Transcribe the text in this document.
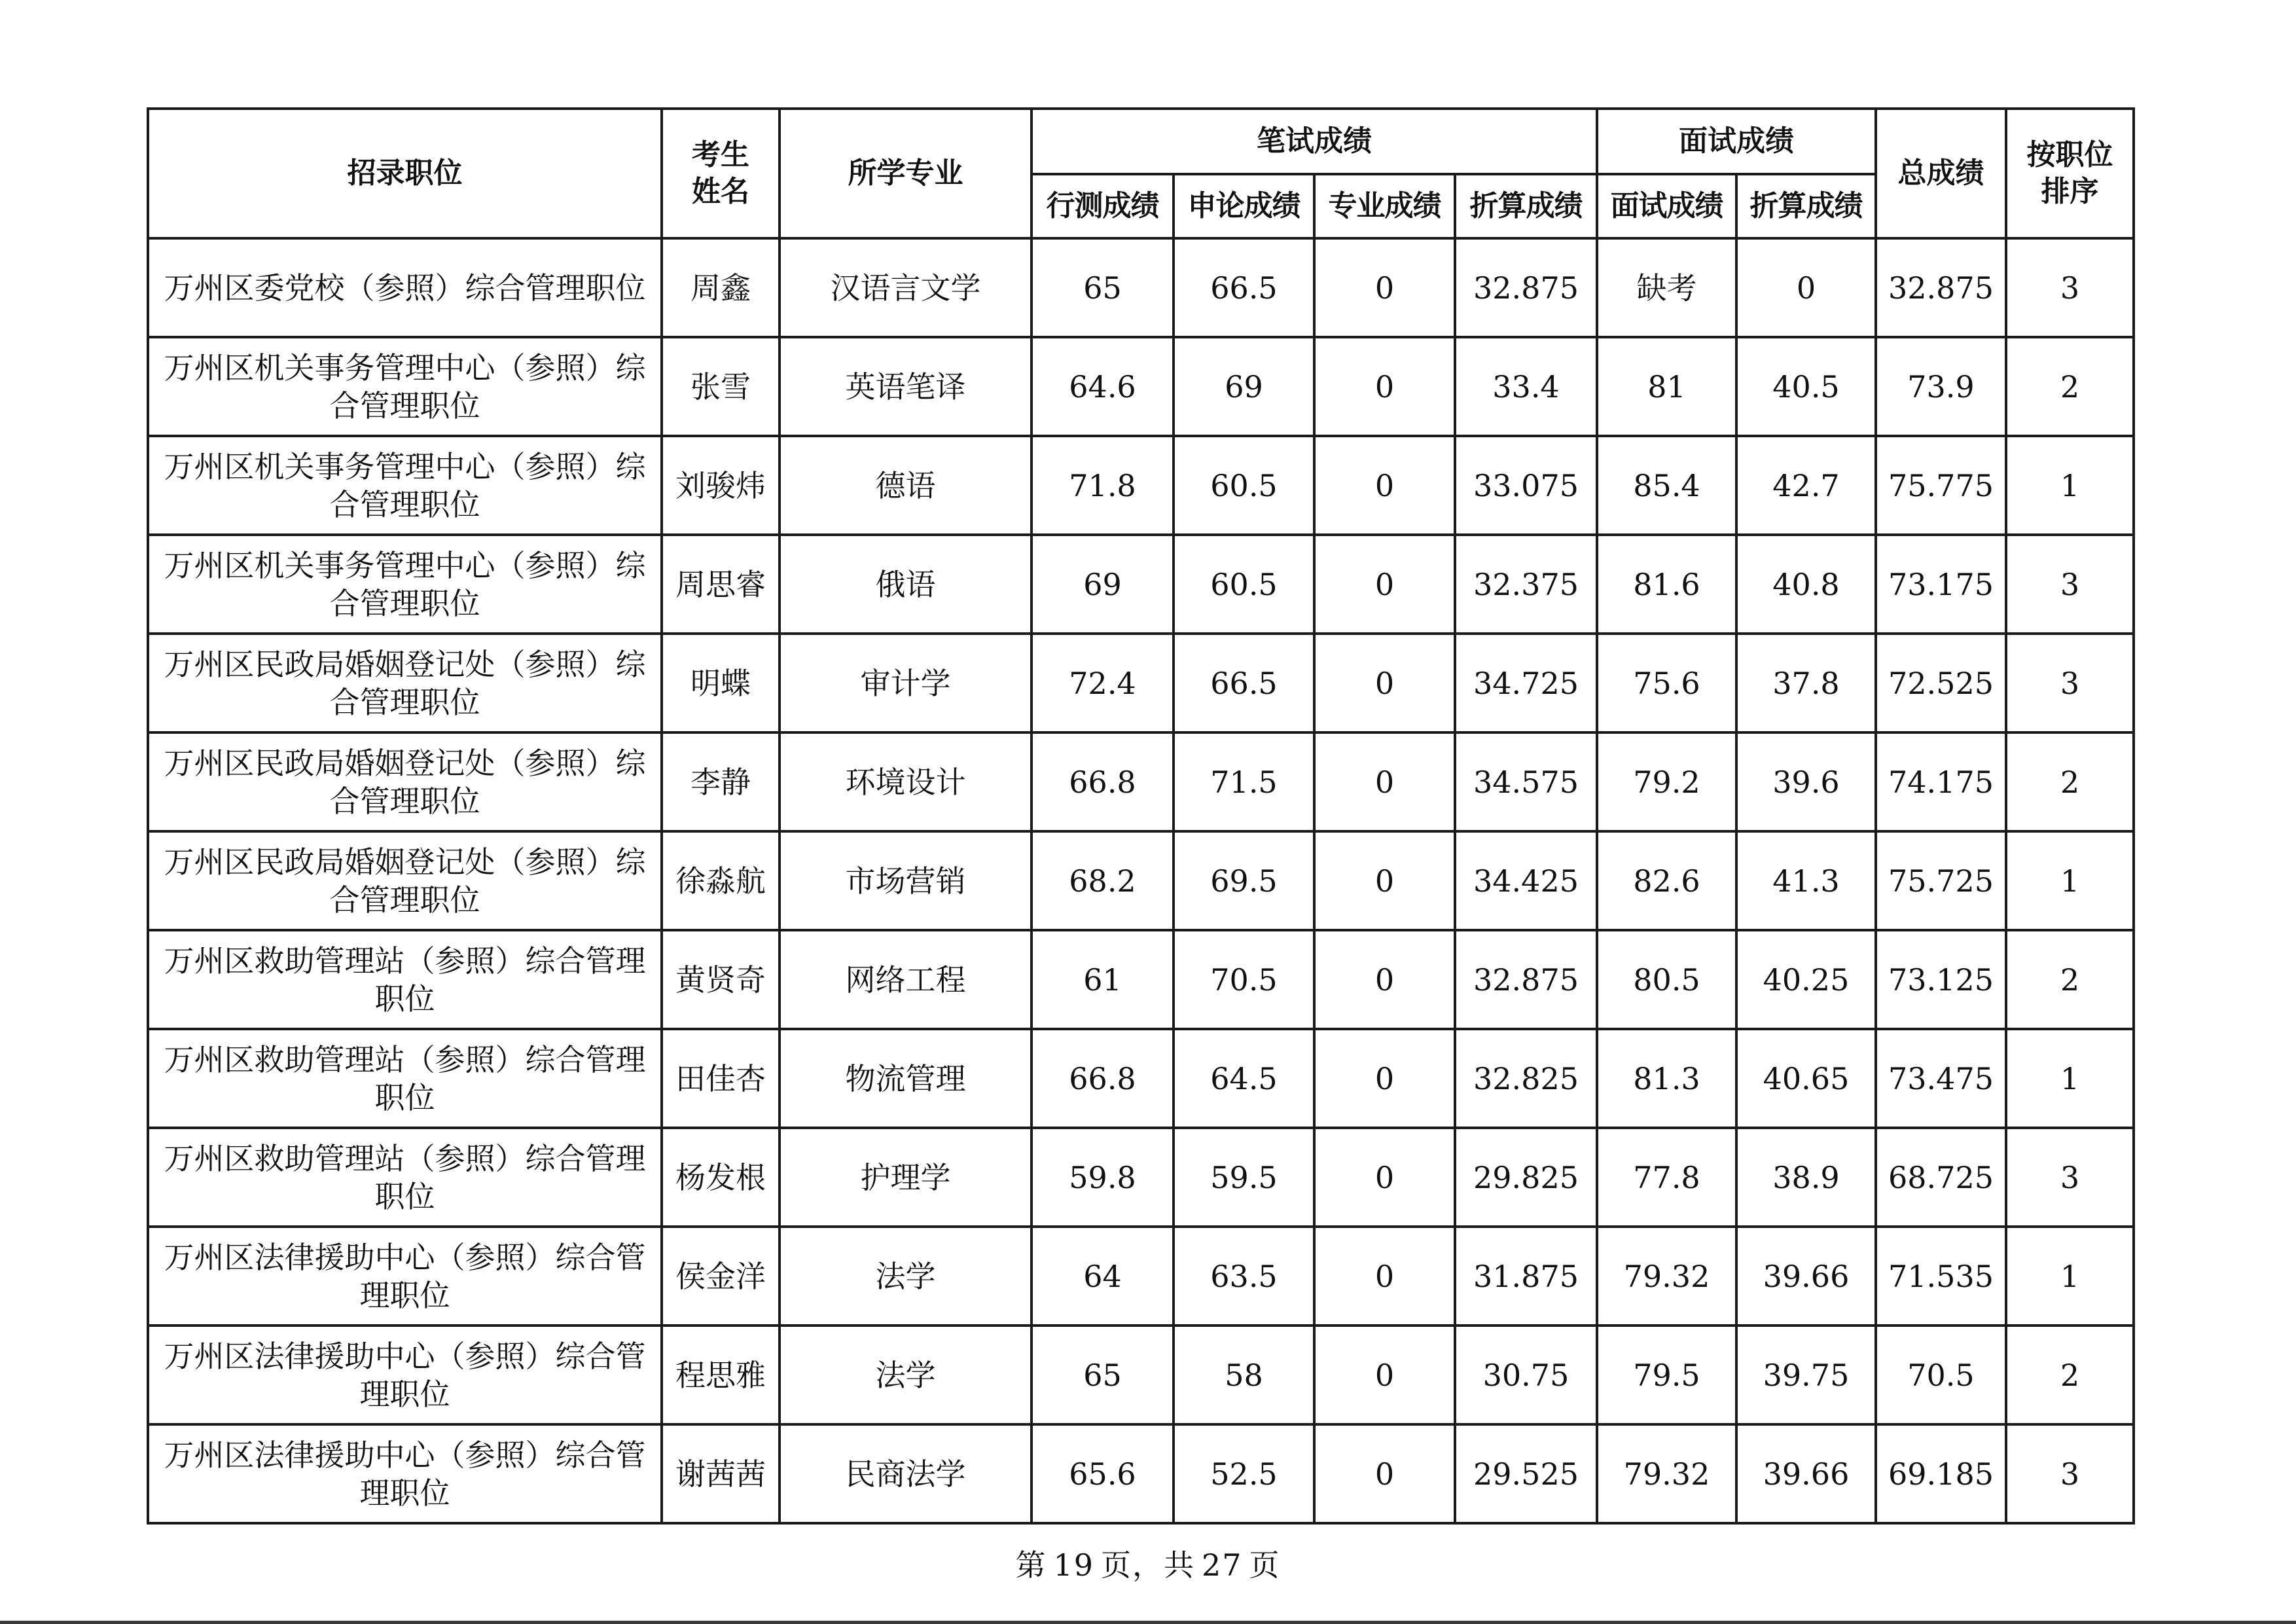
招录职位	考生姓名	所学专业	笔试成绩				面试成绩		总成绩	按职位排序

			行测成绩	申论成绩	专业成绩	折算成绩	面试成绩	折算成绩		
万州区委党校（参照）综合管理职位	周鑫	汉语言文学	65	66.5	0	32.875	缺考	0	32.875	3
万州区机关事务管理中心（参照）综合管理职位	张雪	英语笔译	64.6	69	0	33.4	81	40.5	73.9	2
万州区机关事务管理中心（参照）综合管理职位	刘骏炜	德语	71.8	60.5	0	33.075	85.4	42.7	75.775	1
万州区机关事务管理中心（参照）综合管理职位	周思睿	俄语	69	60.5	0	32.375	81.6	40.8	73.175	3
万州区民政局婚姻登记处（参照）综合管理职位	明蝶	审计学	72.4	66.5	0	34.725	75.6	37.8	72.525	3
万州区民政局婚姻登记处（参照）综合管理职位	李静	环境设计	66.8	71.5	0	34.575	79.2	39.6	74.175	2
万州区民政局婚姻登记处（参照）综合管理职位	徐淼航	市场营销	68.2	69.5	0	34.425	82.6	41.3	75.725	1
万州区救助管理站（参照）综合管理职位	黄贤奇	网络工程	61	70.5	0	32.875	80.5	40.25	73.125	2
万州区救助管理站（参照）综合管理职位	田佳杏	物流管理	66.8	64.5	0	32.825	81.3	40.65	73.475	1
万州区救助管理站（参照）综合管理职位	杨发根	护理学	59.8	59.5	0	29.825	77.8	38.9	68.725	3
万州区法律援助中心（参照）综合管理职位	侯金洋	法学	64	63.5	0	31.875	79.32	39.66	71.535	1
万州区法律援助中心（参照）综合管理职位	程思雅	法学	65	58	0	30.75	79.5	39.75	70.5	2
万州区法律援助中心（参照）综合管理职位	谢茜茜	民商法学	65.6	52.5	0	29.525	79.32	39.66	69.185	3
第 19 页，共 27 页
